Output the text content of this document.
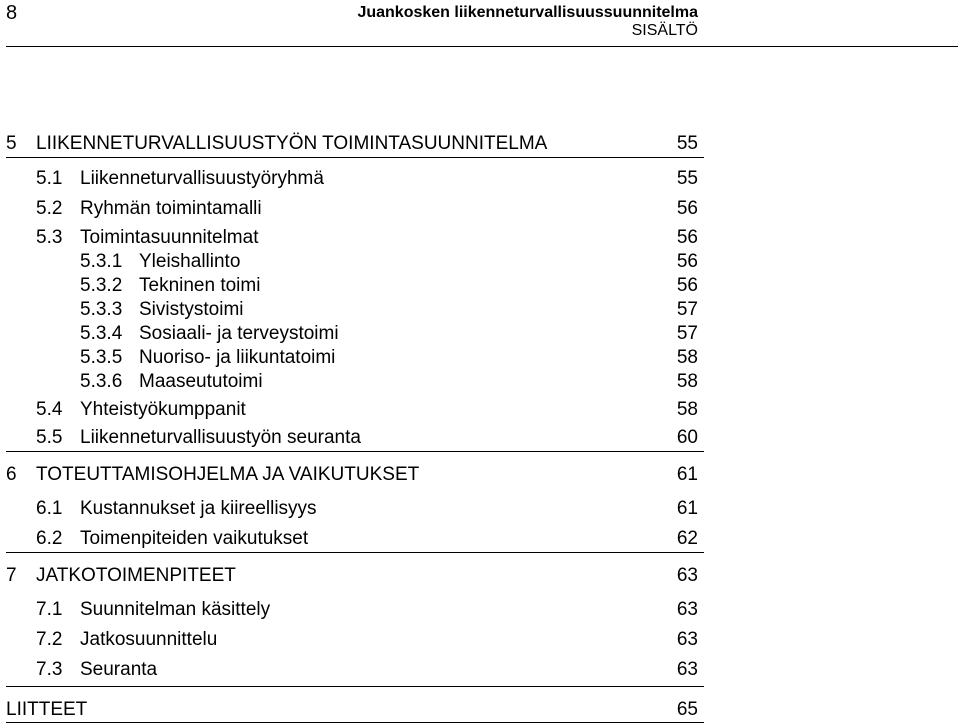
8	Juankosken liikenneturvallisuussuunnitelma
SISÄLTÖ
5 LIIKENNETURVALLISUUSTYÖN TOIMINTASUUNNITELMA	55
5.1 Liikenneturvallisuustyöryhmä	55
5.2 Ryhmän toimintamalli	56
5.3 Toimintasuunnitelmat	56
5.3.1 Yleishallinto	56
5.3.2 Tekninen toimi	56
5.3.3 Sivistystoimi	57
5.3.4 Sosiaali- ja terveystoimi	57
5.3.5 Nuoriso- ja liikuntatoimi	58
5.3.6 Maaseututoimi	58
5.4 Yhteistyökumppanit	58
5.5 Liikenneturvallisuustyön seuranta	60
6 TOTEUTTAMISOHJELMA JA VAIKUTUKSET	61
6.1 Kustannukset ja kiireellisyys	61
6.2 Toimenpiteiden vaikutukset	62
7 JATKOTOIMENPITEET	63
7.1 Suunnitelman käsittely	63
7.2 Jatkosuunnittelu	63
7.3 Seuranta	63
LIITTEET	65
